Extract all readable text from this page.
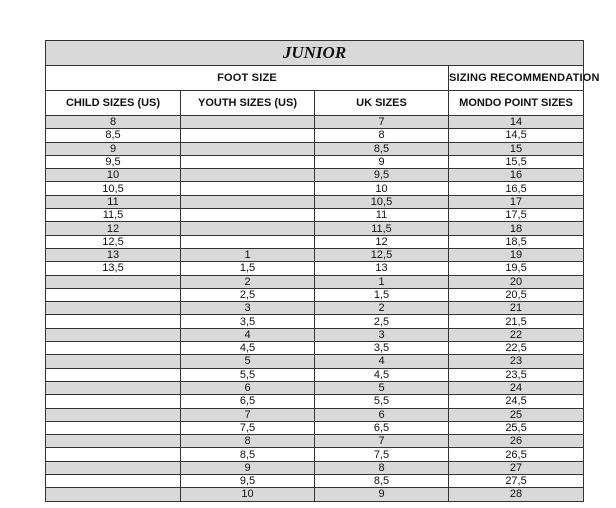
JUNIOR			
FOOT SIZE			SIZING RECOMMENDATION
CHILD SIZES (US)	YOUTH SIZES (US)	UK SIZES	MONDO POINT SIZES
8		7	14
8,5		8	14,5
9		8,5	15
9,5		9	15,5
10		9,5	16
10,5		10	16,5
11		10,5	17
11,5		11	17,5
12		11,5	18
12,5		12	18,5
13	1	12,5	19
13,5	1,5	13	19,5
	2	1	20
	2,5	1,5	20,5
	3	2	21
	3,5	2,5	21,5
	4	3	22
	4,5	3,5	22,5
	5	4	23
	5,5	4,5	23,5
	6	5	24
	6,5	5,5	24,5
	7	6	25
	7,5	6,5	25,5
	8	7	26
	8,5	7,5	26,5
	9	8	27
	9,5	8,5	27,5
	10	9	28
